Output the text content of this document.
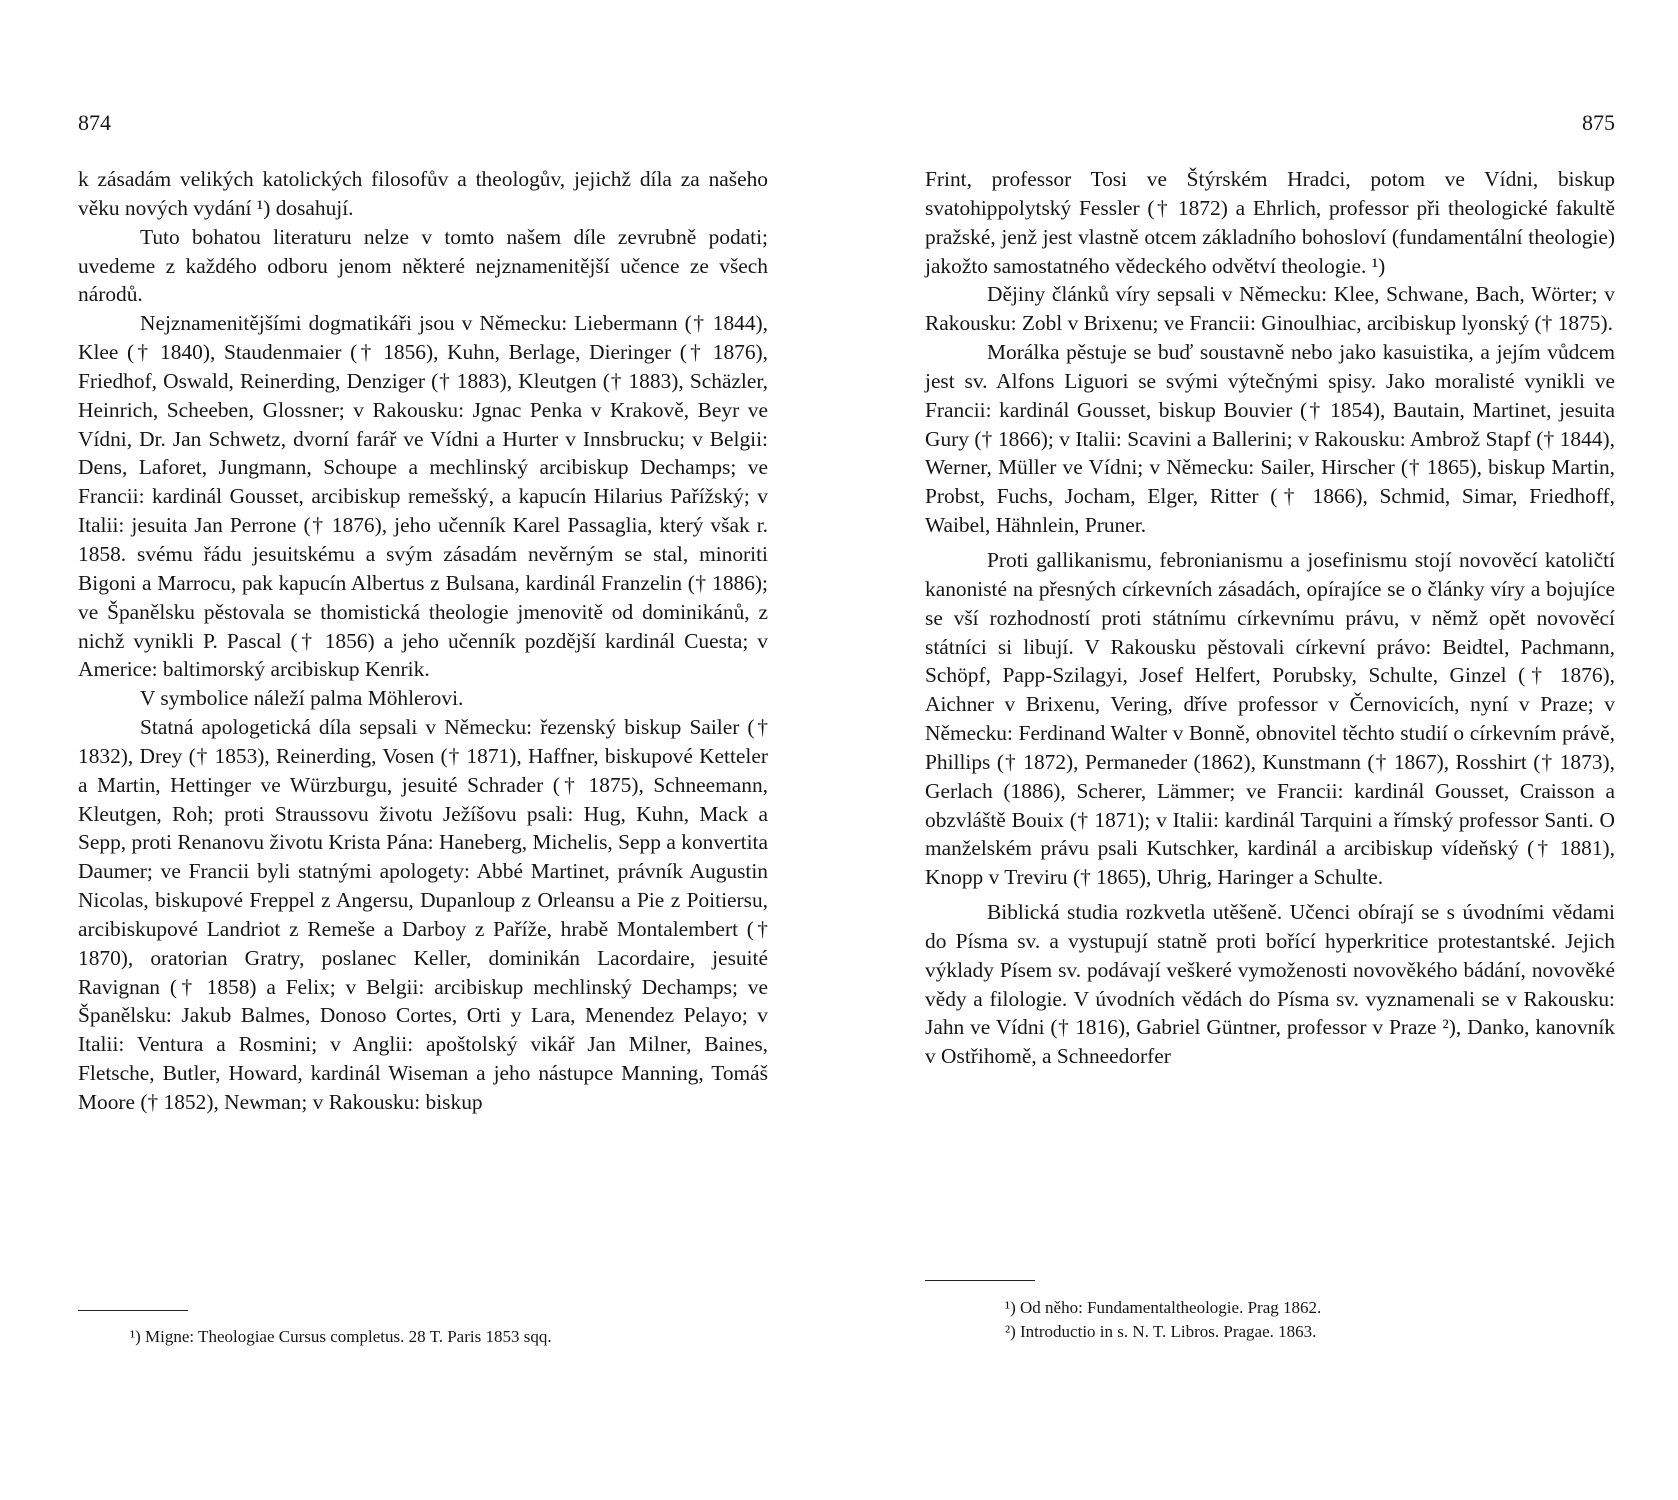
874

k zásadám velikých katolických filosofův a theologův, jejichž díla za našeho věku nových vydání ¹) dosahují.

Tuto bohatou literaturu nelze v tomto našem díle zevrubně podati; uvedeme z každého odboru jenom některé nejznamenitější učence ze všech národů.

Nejznamenitějšími dogmatikáři jsou v Německu: Liebermann († 1844), Klee († 1840), Staudenmaier († 1856), Kuhn, Berlage, Dieringer († 1876), Friedhof, Oswald, Reinerding, Denziger († 1883), Kleutgen († 1883), Schäzler, Heinrich, Scheeben, Glossner; v Rakousku: Jgnac Penka v Krakově, Beyr ve Vídni, Dr. Jan Schwetz, dvorní farář ve Vídni a Hurter v Innsbrucku; v Belgii: Dens, Laforet, Jungmann, Schoupe a mechlinský arcibiskup Dechamps; ve Francii: kardinál Gousset, arcibiskup remešský, a kapucín Hilarius Pařížský; v Italii: jesuita Jan Perrone († 1876), jeho učenník Karel Passaglia, který však r. 1858. svému řádu jesuitskému a svým zásadám nevěrným se stal, minoriti Bigoni a Marrocu, pak kapucín Albertus z Bulsana, kardinál Franzelin († 1886); ve Španělsku pěstovala se thomistická theologie jmenovitě od dominikánů, z nichž vynikli P. Pascal († 1856) a jeho učenník pozdější kardinál Cuesta; v Americe: baltimorský arcibiskup Kenrik.

V symbolice náleží palma Möhlerovi.

Statná apologetická díla sepsali v Německu: řezenský biskup Sailer († 1832), Drey († 1853), Reinerding, Vosen († 1871), Haffner, biskupové Ketteler a Martin, Hettinger ve Würzburgu, jesuité Schrader († 1875), Schneemann, Kleutgen, Roh; proti Straussovu životu Ježíšovu psali: Hug, Kuhn, Mack a Sepp, proti Renanovu životu Krista Pána: Haneberg, Michelis, Sepp a konvertita Daumer; ve Francii byli statnými apologety: Abbé Martinet, právník Augustin Nicolas, biskupové Freppel z Angersu, Dupanloup z Orleansu a Pie z Poitiersu, arcibiskupové Landriot z Remeše a Darboy z Paříže, hrabě Montalembert († 1870), oratorian Gratry, poslanec Keller, dominikán Lacordaire, jesuité Ravignan († 1858) a Felix; v Belgii: arcibiskup mechlinský Dechamps; ve Španělsku: Jakub Balmes, Donoso Cortes, Orti y Lara, Menendez Pelayo; v Italii: Ventura a Rosmini; v Anglii: apoštolský vikář Jan Milner, Baines, Fletsche, Butler, Howard, kardinál Wiseman a jeho nástupce Manning, Tomáš Moore († 1852), Newman; v Rakousku: biskup

¹) Migne: Theologiae Cursus completus. 28 T. Paris 1853 sqq.

875

Frint, professor Tosi ve Štýrském Hradci, potom ve Vídni, biskup svatohippolytský Fessler († 1872) a Ehrlich, professor při theologické fakultě pražské, jenž jest vlastně otcem základního bohosloví (fundamentální theologie) jakožto samostatného vědeckého odvětví theologie. ¹)

Dějiny článků víry sepsali v Německu: Klee, Schwane, Bach, Wörter; v Rakousku: Zobl v Brixenu; ve Francii: Ginoulhiac, arcibiskup lyonský († 1875).

Morálka pěstuje se buď soustavně nebo jako kasuistika, a jejím vůdcem jest sv. Alfons Liguori se svými výtečnými spisy. Jako moralisté vynikli ve Francii: kardinál Gousset, biskup Bouvier († 1854), Bautain, Martinet, jesuita Gury († 1866); v Italii: Scavini a Ballerini; v Rakousku: Ambrož Stapf († 1844), Werner, Müller ve Vídni; v Německu: Sailer, Hirscher († 1865), biskup Martin, Probst, Fuchs, Jocham, Elger, Ritter († 1866), Schmid, Simar, Friedhoff, Waibel, Hähnlein, Pruner.

Proti gallikanismu, febronianismu a josefinismu stojí novověcí katoličtí kanonisté na přesných církevních zásadách, opírajíce se o články víry a bojujíce se vší rozhodností proti státnímu církevnímu právu, v němž opět novověcí státníci si libují. V Rakousku pěstovali církevní právo: Beidtel, Pachmann, Schöpf, Papp-Szilagyi, Josef Helfert, Porubsky, Schulte, Ginzel († 1876), Aichner v Brixenu, Vering, dříve professor v Černovicích, nyní v Praze; v Německu: Ferdinand Walter v Bonně, obnovitel těchto studií o církevním právě, Phillips († 1872), Permaneder (1862), Kunstmann († 1867), Rosshirt († 1873), Gerlach (1886), Scherer, Lämmer; ve Francii: kardinál Gousset, Craisson a obzvláště Bouix († 1871); v Italii: kardinál Tarquini a římský professor Santi. O manželském právu psali Kutschker, kardinál a arcibiskup vídeňský († 1881), Knopp v Treviru († 1865), Uhrig, Haringer a Schulte.

Biblická studia rozkvetla utěšeně. Učenci obírají se s úvodními vědami do Písma sv. a vystupují statně proti bořící hyperkritice protestantské. Jejich výklady Písem sv. podávají veškeré vymoženosti novověkého bádání, novověké vědy a filologie. V úvodních vědách do Písma sv. vyznamenali se v Rakousku: Jahn ve Vídni († 1816), Gabriel Güntner, professor v Praze ²), Danko, kanovník v Ostřihomě, a Schneedorfer

¹) Od něho: Fundamentaltheologie. Prag 1862.

²) Introductio in s. N. T. Libros. Pragae. 1863.
